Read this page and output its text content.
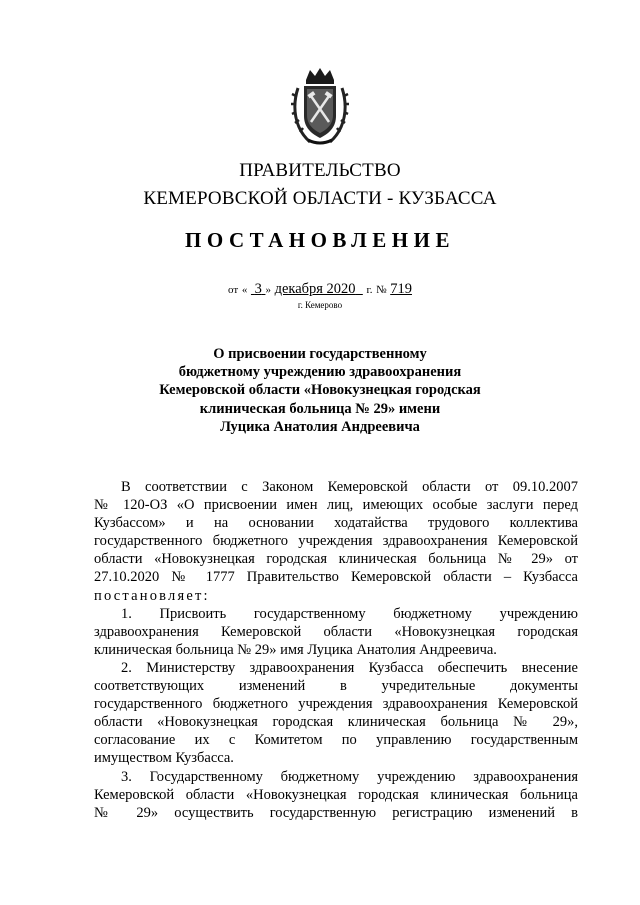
ПРАВИТЕЛЬСТВО
КЕМЕРОВСКОЙ ОБЛАСТИ - КУЗБАССА
ПОСТАНОВЛЕНИЕ
от « 3 » декабря 2020 г. № 719
г. Кемерово
О присвоении государственному
бюджетному учреждению здравоохранения
Кемеровской области «Новокузнецкая городская
клиническая больница № 29» имени
Луцика Анатолия Андреевича

В соответствии с Законом Кемеровской области от 09.10.2007

№ 120-ОЗ «О присвоении имен лиц, имеющих особые заслуги перед

Кузбассом» и на основании ходатайства трудового коллектива

государственного бюджетного учреждения здравоохранения Кемеровской

области «Новокузнецкая городская клиническая больница № 29» от

27.10.2020 № 1777 Правительство Кемеровской области – Кузбасса

постановляет:

1. Присвоить государственному бюджетному учреждению

здравоохранения Кемеровской области «Новокузнецкая городская

клиническая больница № 29» имя Луцика Анатолия Андреевича.

2. Министерству здравоохранения Кузбасса обеспечить внесение

соответствующих изменений в учредительные документы

государственного бюджетного учреждения здравоохранения Кемеровской

области «Новокузнецкая городская клиническая больница № 29»,

согласование их с Комитетом по управлению государственным

имуществом Кузбасса.

3. Государственному бюджетному учреждению здравоохранения

Кемеровской области «Новокузнецкая городская клиническая больница

№ 29» осуществить государственную регистрацию изменений в
